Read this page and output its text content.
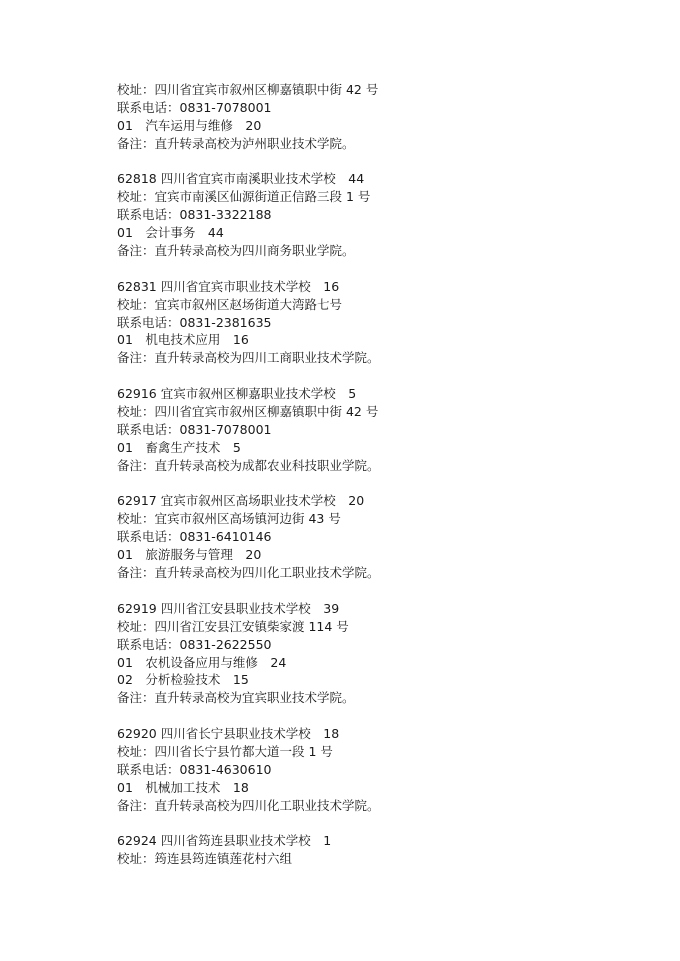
校址：四川省宜宾市叙州区柳嘉镇职中街 42 号
联系电话：0831-7078001
01　汽车运用与维修　20
备注：直升转录高校为泸州职业技术学院。
62818 四川省宜宾市南溪职业技术学校　44
校址：宜宾市南溪区仙源街道正信路三段 1 号
联系电话：0831-3322188
01　会计事务　44
备注：直升转录高校为四川商务职业学院。
62831 四川省宜宾市职业技术学校　16
校址：宜宾市叙州区赵场街道大湾路七号
联系电话：0831-2381635
01　机电技术应用　16
备注：直升转录高校为四川工商职业技术学院。
62916 宜宾市叙州区柳嘉职业技术学校　5
校址：四川省宜宾市叙州区柳嘉镇职中街 42 号
联系电话：0831-7078001
01　畜禽生产技术　5
备注：直升转录高校为成都农业科技职业学院。
62917 宜宾市叙州区高场职业技术学校　20
校址：宜宾市叙州区高场镇河边街 43 号
联系电话：0831-6410146
01　旅游服务与管理　20
备注：直升转录高校为四川化工职业技术学院。
62919 四川省江安县职业技术学校　39
校址：四川省江安县江安镇柴家渡 114 号
联系电话：0831-2622550
01　农机设备应用与维修　24
02　分析检验技术　15
备注：直升转录高校为宜宾职业技术学院。
62920 四川省长宁县职业技术学校　18
校址：四川省长宁县竹都大道一段 1 号
联系电话：0831-4630610
01　机械加工技术　18
备注：直升转录高校为四川化工职业技术学院。
62924 四川省筠连县职业技术学校　1
校址：筠连县筠连镇莲花村六组
